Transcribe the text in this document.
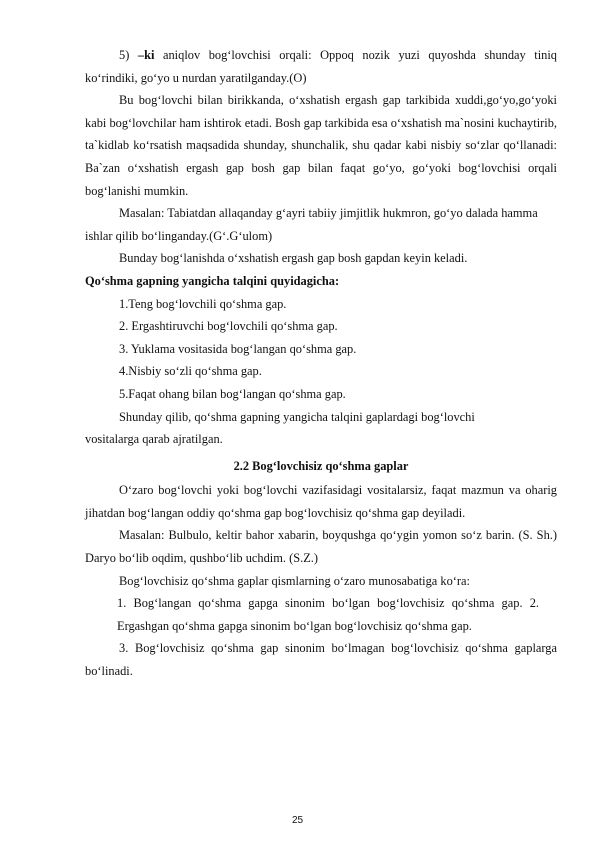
5) –ki aniqlov bog‘lovchisi orqali: Oppoq nozik yuzi quyoshda shunday tiniq ko‘rindiki, go‘yo u nurdan yaratilganday.(O)

Bu bog‘lovchi bilan birikkanda, o‘xshatish ergash gap tarkibida xuddi,go‘yo,go‘yoki kabi bog‘lovchilar ham ishtirok etadi. Bosh gap tarkibida esa o‘xshatish ma`nosini kuchaytirib, ta`kidlab ko‘rsatish maqsadida shunday, shunchalik, shu qadar kabi nisbiy so‘zlar qo‘llanadi: Ba`zan o‘xshatish ergash gap bosh gap bilan faqat go‘yo, go‘yoki bog‘lovchisi orqali bog‘lanishi mumkin.

Masalan: Tabiatdan allaqanday g‘ayri tabiiy jimjitlik hukmron, go‘yo dalada hamma ishlar qilib bo‘linganday.(G‘.G‘ulom)

Bunday bog‘lanishda o‘xshatish ergash gap bosh gapdan keyin keladi. Qo‘shma gapning yangicha talqini quyidagicha:

1.Teng bog‘lovchili qo‘shma gap.

2. Ergashtiruvchi bog‘lovchili qo‘shma gap.

3. Yuklama vositasida bog‘langan qo‘shma gap.

4.Nisbiy so‘zli qo‘shma gap.

5.Faqat ohang bilan bog‘langan qo‘shma gap.

Shunday qilib, qo‘shma gapning yangicha talqini gaplardagi bog‘lovchi vositalarga qarab ajratilgan.

2.2 Bog‘lovchisiz qo‘shma gaplar

O‘zaro bog‘lovchi yoki bog‘lovchi vazifasidagi vositalarsiz, faqat mazmun va oharig jihatdan bog‘langan oddiy qo‘shma gap bog‘lovchisiz qo‘shma gap deyiladi.

Masalan: Bulbulo, keltir bahor xabarin, boyqushga qo‘ygin yomon so‘z barin. (S. Sh.) Daryo bo‘lib oqdim, qushbo‘lib uchdim. (S.Z.)

Bog‘lovchisiz qo‘shma gaplar qismlarning o‘zaro munosabatiga ko‘ra:

1. Bog‘langan qo‘shma gapga sinonim bo‘lgan bog‘lovchisiz qo‘shma gap. 2. Ergashgan qo‘shma gapga sinonim bo‘lgan bog‘lovchisiz qo‘shma gap.

3. Bog‘lovchisiz qo‘shma gap sinonim bo‘lmagan bog‘lovchisiz qo‘shma gaplarga bo‘linadi.

25
